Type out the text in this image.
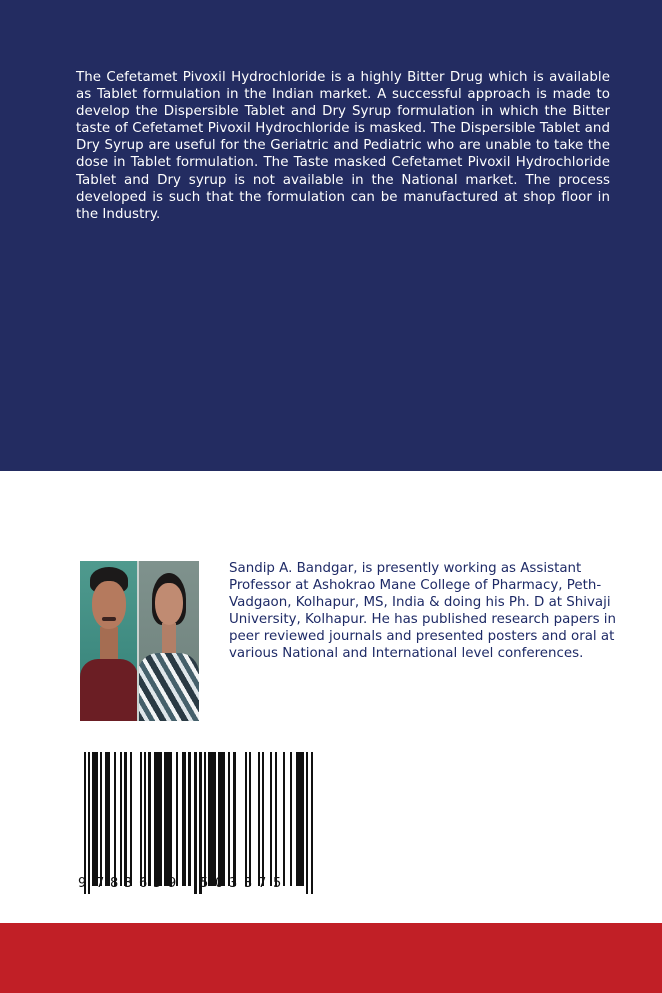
The Cefetamet Pivoxil Hydrochloride is a highly Bitter Drug which is available as Tablet formulation in the Indian market. A successful approach is made to develop the Dispersible Tablet and Dry Syrup formulation in which the Bitter taste of Cefetamet Pivoxil Hydrochloride is masked. The Dispersible Tablet and Dry Syrup are useful for the Geriatric and Pediatric who are unable to take the dose in Tablet formulation. The Taste masked Cefetamet Pivoxil Hydrochloride Tablet and Dry syrup is not available in the National market. The process developed is such that the formulation can be manufactured at shop floor in the Industry.

Sandip A. Bandgar, is presently working as Assistant Professor at Ashokrao Mane College of Pharmacy, Peth-Vadgaon, Kolhapur, MS, India & doing his Ph. D at Shivaji University, Kolhapur. He has published research papers in peer reviewed journals and presented posters and oral at various National and International level conferences.

9 7 8 3 6 5 9 5 0 3 3 7 5
